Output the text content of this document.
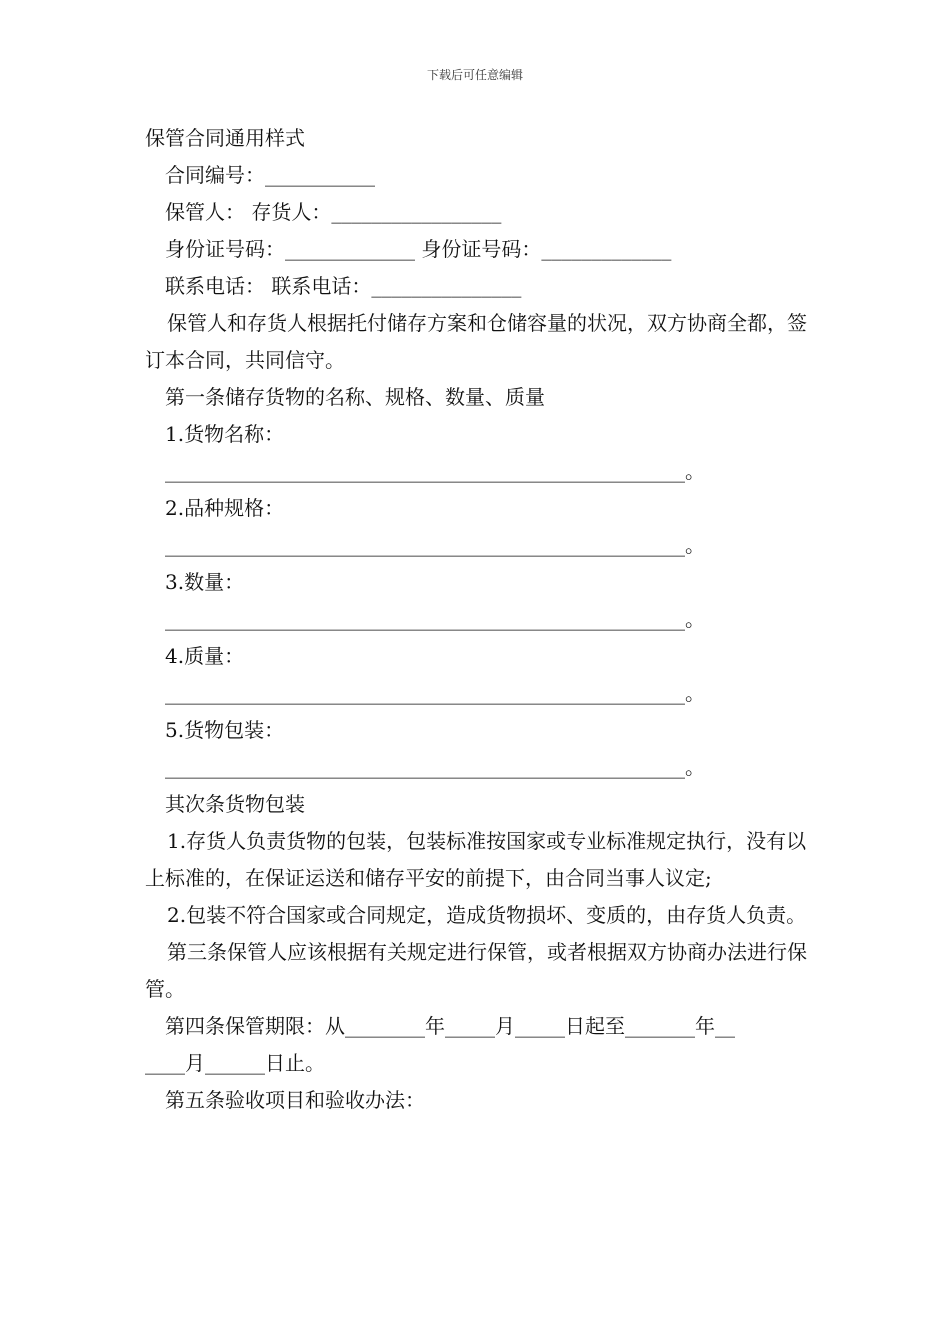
下载后可任意编辑
保管合同通用样式
合同编号：___________
保管人： 存货人：_________________
身份证号码：_____________ 身份证号码：_____________
联系电话： 联系电话：_______________
保管人和存货人根据托付储存方案和仓储容量的状况，双方协商全都，签订本合同，共同信守。
第一条储存货物的名称、规格、数量、质量
1.货物名称：
____________________________________________________。
2.品种规格：
____________________________________________________。
3.数量：
____________________________________________________。
4.质量：
____________________________________________________。
5.货物包装：
____________________________________________________。
其次条货物包装
1.存货人负责货物的包装，包装标准按国家或专业标准规定执行，没有以上标准的，在保证运送和储存平安的前提下，由合同当事人议定;
2.包装不符合国家或合同规定，造成货物损坏、变质的，由存货人负责。
第三条保管人应该根据有关规定进行保管，或者根据双方协商办法进行保管。
第四条保管期限：从________年_____月_____日起至_______年__
____月______日止。
第五条验收项目和验收办法：
